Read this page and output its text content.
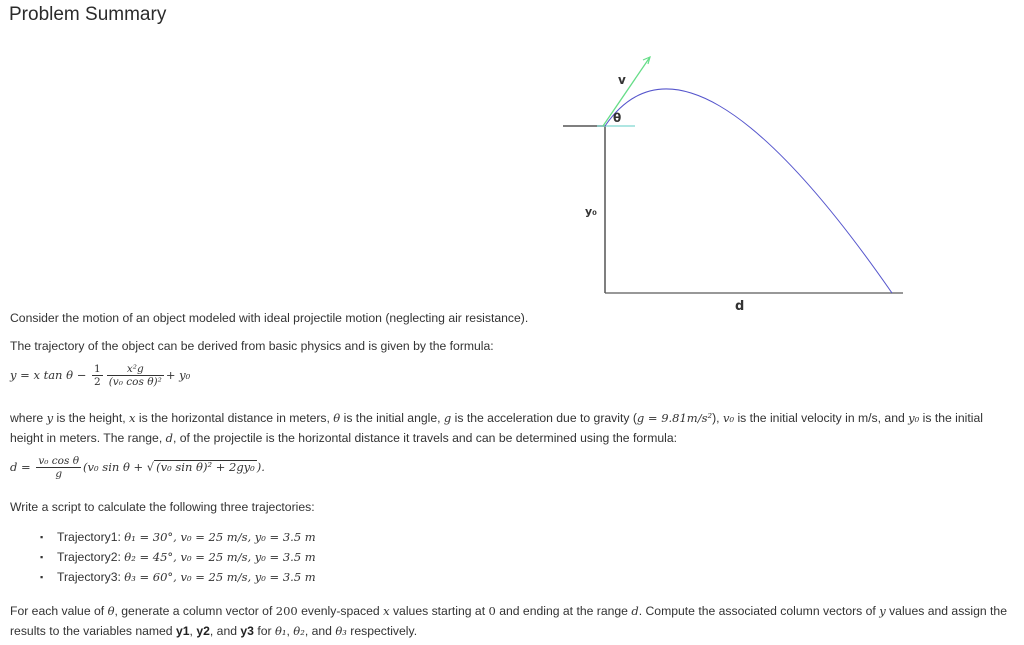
Problem Summary
v
θ
y₀
d
Consider the motion of an object modeled with ideal projectile motion (neglecting air resistance).
The trajectory of the object can be derived from basic physics and is given by the formula:
y = x $\tan \theta - \frac{1}{2} \frac{\text{x²g}}{\text{(v₀ cos θ)²}} + y_0$
where y is the height, x is the horizontal distance in meters, θ is the initial angle, g is the acceleration due to gravity (g = 9.81m/s²), v₀ is the initial velocity in m/s, and y₀ is the initial height in meters. The range, d, of the projectile is the horizontal distance it travels and can be determined using the formula:
$d = \frac{\text{v₀ cos θ}}{g} (v_0$ sin θ + √ (v₀ sin θ)² + 2gy₀ ).
Write a script to calculate the following three trajectories:
▪ Trajectory1: θ₁ = 30°, v₀ = 25 m/s, y₀ = 3.5 m
▪ Trajectory2: θ₂ = 45°, v₀ = 25 m/s, y₀ = 3.5 m
▪ Trajectory3: θ₃ = 60°, v₀ = 25 m/s, y₀ = 3.5 m
For each value of θ, generate a column vector of 200 evenly-spaced x values starting at 0 and ending at the range d. Compute the associated column vectors of y values and assign the results to the variables named y1, y2, and y3 for θ₁, θ₂, and θ₃ respectively.
